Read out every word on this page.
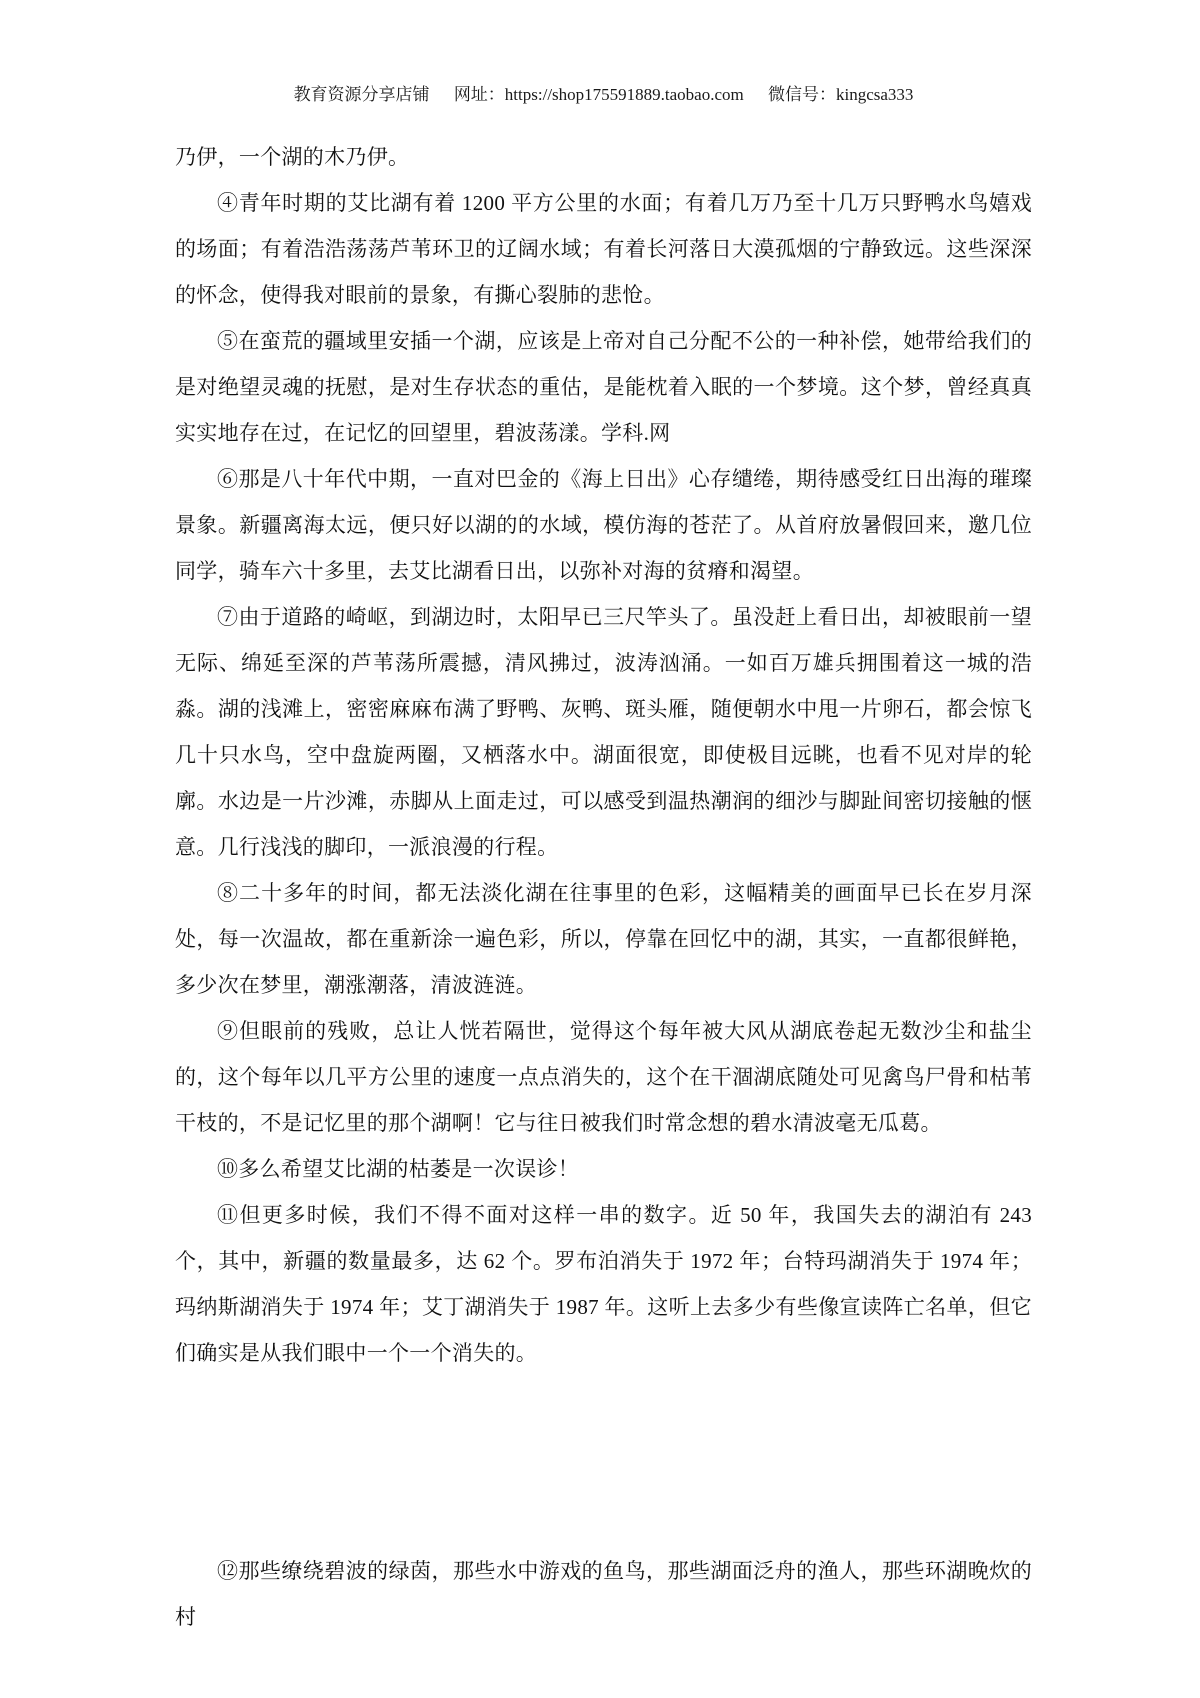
教育资源分享店铺 网址：https://shop175591889.taobao.com 微信号：kingcsa333

乃伊，一个湖的木乃伊。

④青年时期的艾比湖有着 1200 平方公里的水面；有着几万乃至十几万只野鸭水鸟嬉戏的场面；有着浩浩荡荡芦苇环卫的辽阔水域；有着长河落日大漠孤烟的宁静致远。这些深深的怀念，使得我对眼前的景象，有撕心裂肺的悲怆。

⑤在蛮荒的疆域里安插一个湖，应该是上帝对自己分配不公的一种补偿，她带给我们的是对绝望灵魂的抚慰，是对生存状态的重估，是能枕着入眠的一个梦境。这个梦，曾经真真实实地存在过，在记忆的回望里，碧波荡漾。学科.网

⑥那是八十年代中期，一直对巴金的《海上日出》心存缱绻，期待感受红日出海的璀璨景象。新疆离海太远，便只好以湖的的水域，模仿海的苍茫了。从首府放暑假回来，邀几位同学，骑车六十多里，去艾比湖看日出，以弥补对海的贫瘠和渴望。

⑦由于道路的崎岖，到湖边时，太阳早已三尺竿头了。虽没赶上看日出，却被眼前一望无际、绵延至深的芦苇荡所震撼，清风拂过，波涛汹涌。一如百万雄兵拥围着这一城的浩淼。湖的浅滩上，密密麻麻布满了野鸭、灰鸭、斑头雁，随便朝水中甩一片卵石，都会惊飞几十只水鸟，空中盘旋两圈，又栖落水中。湖面很宽，即使极目远眺，也看不见对岸的轮廓。水边是一片沙滩，赤脚从上面走过，可以感受到温热潮润的细沙与脚趾间密切接触的惬意。几行浅浅的脚印，一派浪漫的行程。

⑧二十多年的时间，都无法淡化湖在往事里的色彩，这幅精美的画面早已长在岁月深处，每一次温故，都在重新涂一遍色彩，所以，停靠在回忆中的湖，其实，一直都很鲜艳，多少次在梦里，潮涨潮落，清波涟涟。

⑨但眼前的残败，总让人恍若隔世，觉得这个每年被大风从湖底卷起无数沙尘和盐尘的，这个每年以几平方公里的速度一点点消失的，这个在干涸湖底随处可见禽鸟尸骨和枯苇干枝的，不是记忆里的那个湖啊！它与往日被我们时常念想的碧水清波毫无瓜葛。

⑩多么希望艾比湖的枯萎是一次误诊！

⑪但更多时候，我们不得不面对这样一串的数字。近 50 年，我国失去的湖泊有 243 个，其中，新疆的数量最多，达 62 个。罗布泊消失于 1972 年；台特玛湖消失于 1974 年；玛纳斯湖消失于 1974 年；艾丁湖消失于 1987 年。这听上去多少有些像宣读阵亡名单，但它们确实是从我们眼中一个一个消失的。

⑫那些缭绕碧波的绿茵，那些水中游戏的鱼鸟，那些湖面泛舟的渔人，那些环湖晚炊的村
